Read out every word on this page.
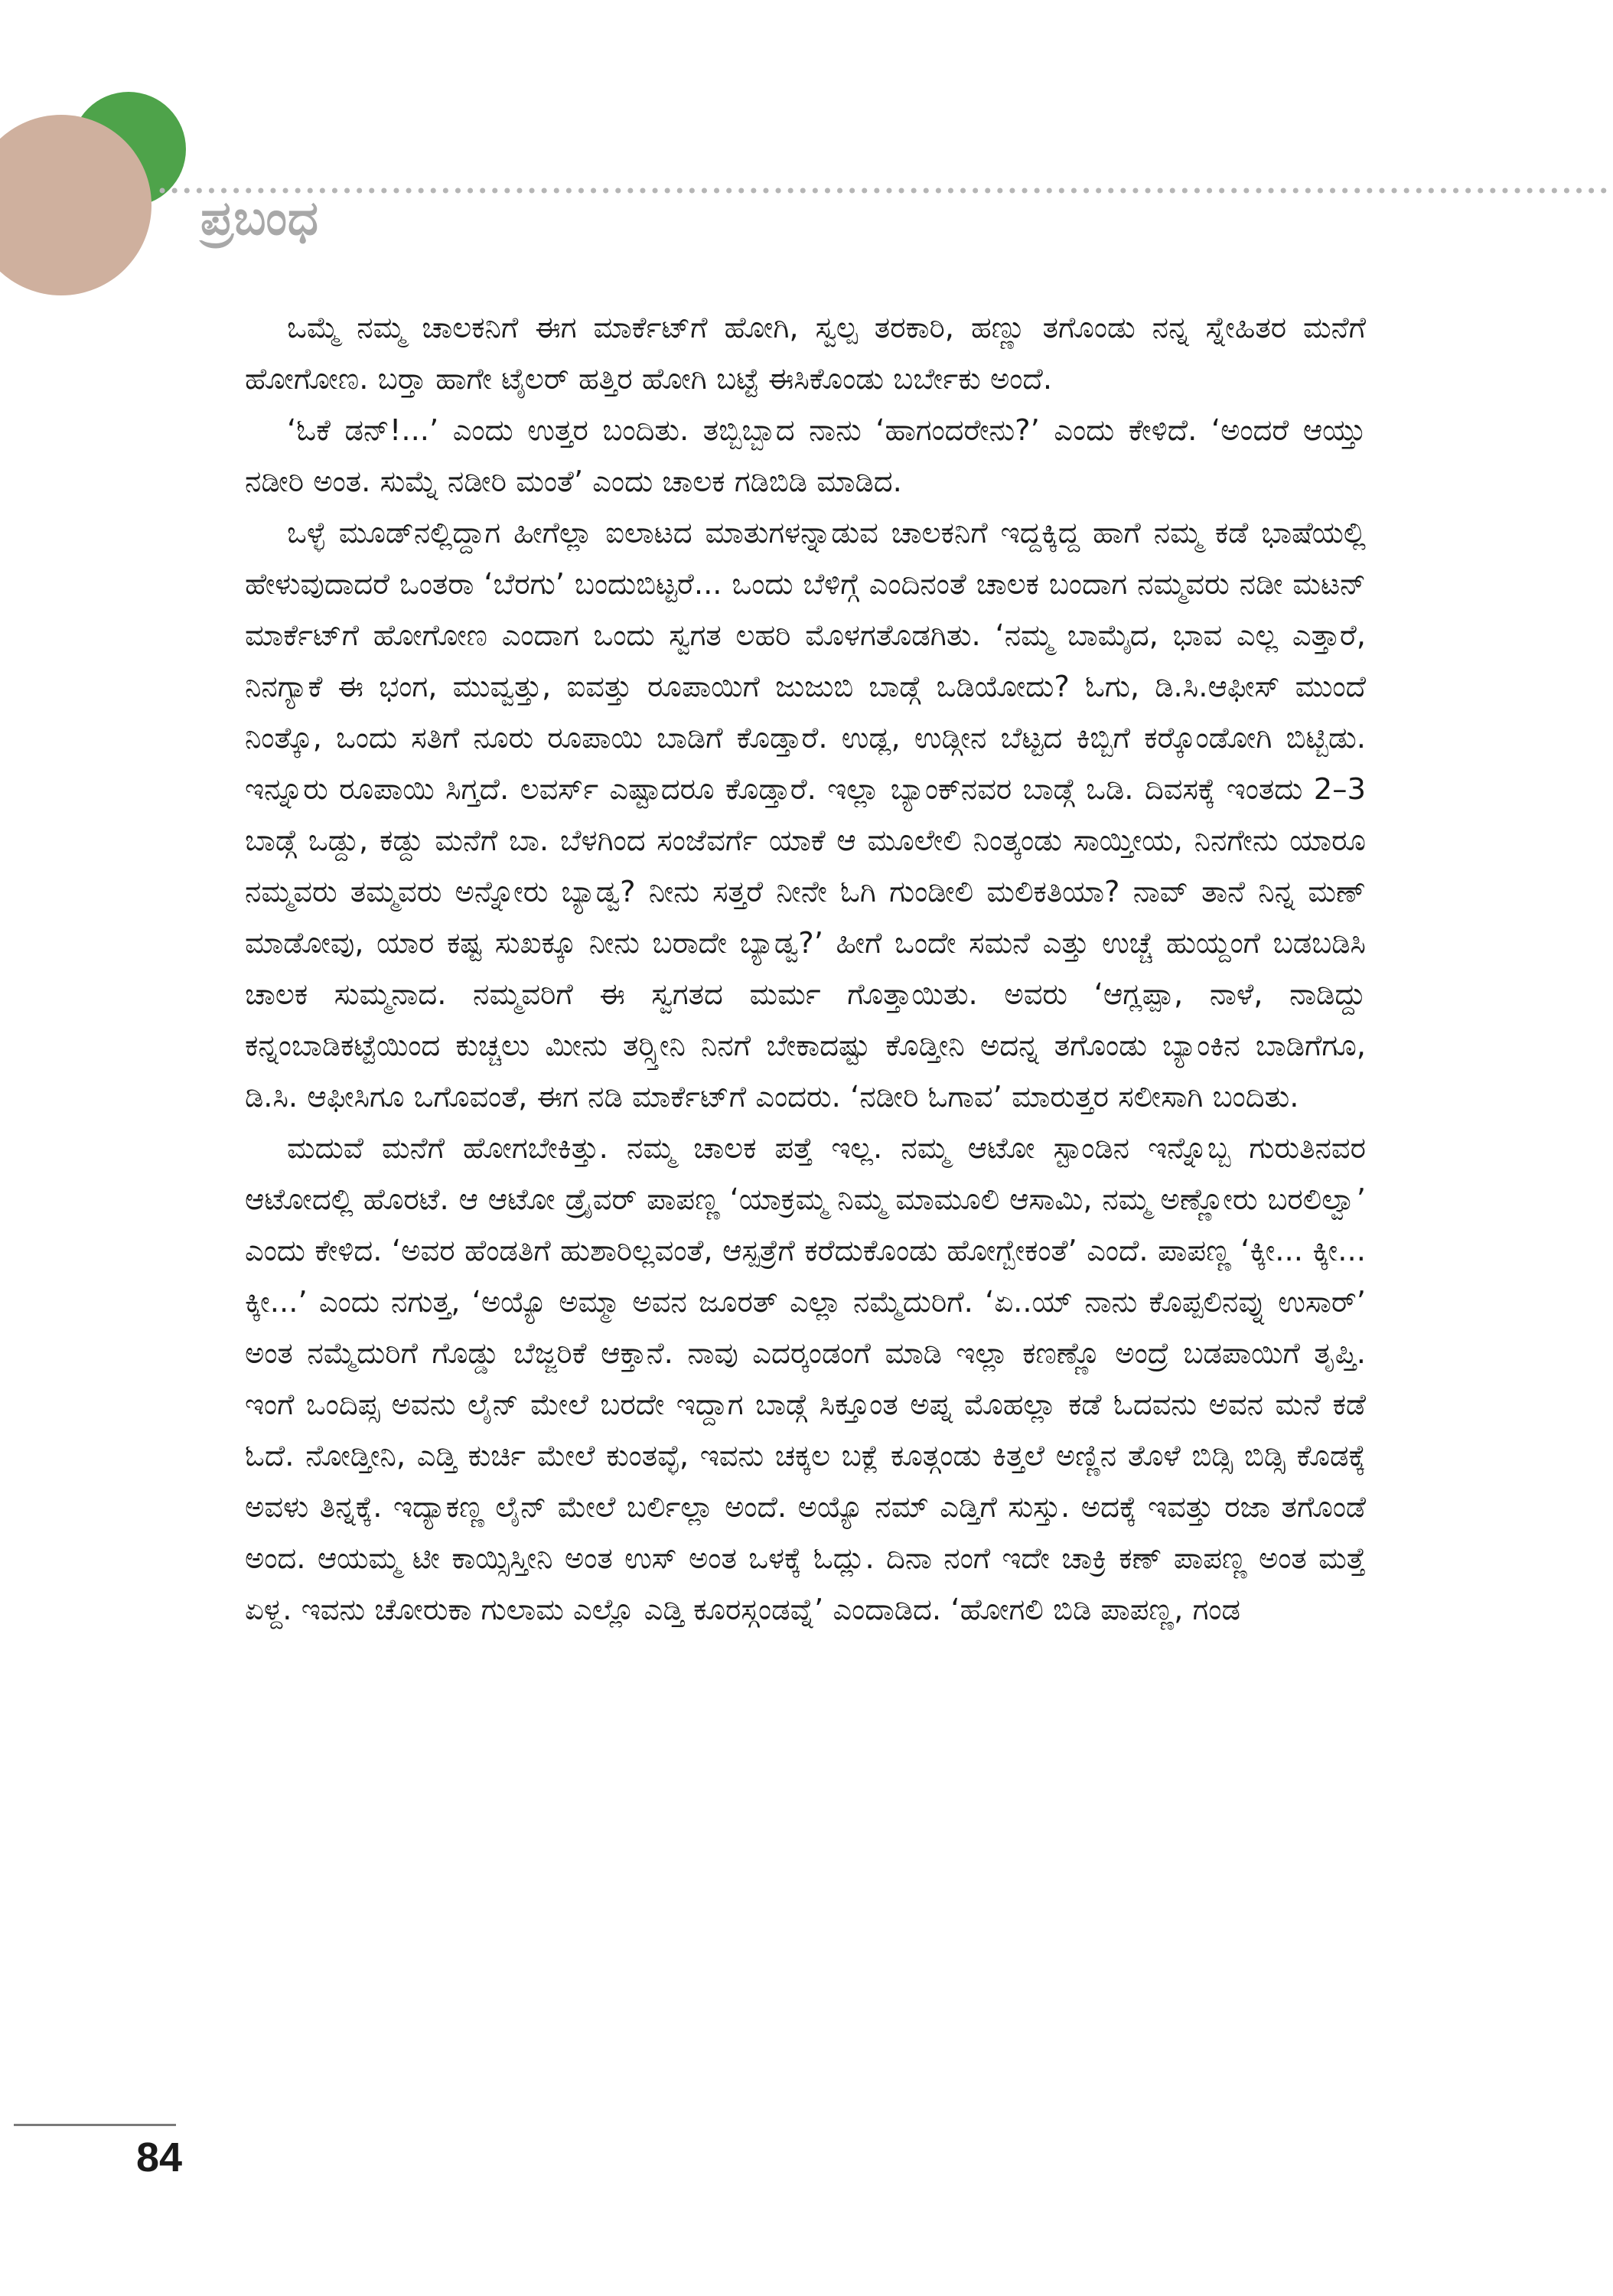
ಪ್ರಬಂಧ

ಒಮ್ಮೆ ನಮ್ಮ ಚಾಲಕನಿಗೆ ಈಗ ಮಾರ್ಕೆಟ್‌ಗೆ ಹೋಗಿ, ಸ್ವಲ್ಪ ತರಕಾರಿ, ಹಣ್ಣು ತಗೊಂಡು ನನ್ನ ಸ್ನೇಹಿತರ ಮನೆಗೆ ಹೋಗೋಣ. ಬರ್‍ತಾ ಹಾಗೇ ಟೈಲರ್ ಹತ್ತಿರ ಹೋಗಿ ಬಟ್ಟೆ ಈಸಿಕೊಂಡು ಬರ್ಬೇಕು ಅಂದೆ.

‘ಓಕೆ ಡನ್!...’ ಎಂದು ಉತ್ತರ ಬಂದಿತು. ತಬ್ಬಿಬ್ಬಾದ ನಾನು ‘ಹಾಗಂದರೇನು?’ ಎಂದು ಕೇಳಿದೆ. ‘ಅಂದರೆ ಆಯ್ತು ನಡೀರಿ ಅಂತ. ಸುಮ್ನೆ ನಡೀರಿ ಮಂತೆ’ ಎಂದು ಚಾಲಕ ಗಡಿಬಿಡಿ ಮಾಡಿದ.

ಒಳ್ಳೆ ಮೂಡ್‌ನಲ್ಲಿದ್ದಾಗ ಹೀಗೆಲ್ಲಾ ಐಲಾಟದ ಮಾತುಗಳನ್ನಾಡುವ ಚಾಲಕನಿಗೆ ಇದ್ದಕ್ಕಿದ್ದ ಹಾಗೆ ನಮ್ಮ ಕಡೆ ಭಾಷೆಯಲ್ಲಿ ಹೇಳುವುದಾದರೆ ಒಂತರಾ ‘ಬೆರಗು’ ಬಂದುಬಿಟ್ಟರೆ... ಒಂದು ಬೆಳಿಗ್ಗೆ ಎಂದಿನಂತೆ ಚಾಲಕ ಬಂದಾಗ ನಮ್ಮವರು ನಡೀ ಮಟನ್ ಮಾರ್ಕೆಟ್‌ಗೆ ಹೋಗೋಣ ಎಂದಾಗ ಒಂದು ಸ್ವಗತ ಲಹರಿ ಮೊಳಗತೊಡಗಿತು. ‘ನಮ್ಮ ಬಾಮೈದ, ಭಾವ ಎಲ್ಲ ಎತ್ತಾರೆ, ನಿನಗ್ಯಾಕೆ ಈ ಭಂಗ, ಮುವ್ವತ್ತು, ಐವತ್ತು ರೂಪಾಯಿಗೆ ಜುಜುಬಿ ಬಾಡ್ಗೆ ಒಡಿಯೋದು? ಓಗು, ಡಿ.ಸಿ.ಆಫೀಸ್ ಮುಂದೆ ನಿಂತ್ಕೊ, ಒಂದು ಸತಿಗೆ ನೂರು ರೂಪಾಯಿ ಬಾಡಿಗೆ ಕೊಡ್ತಾರೆ. ಉಡ್ಲ, ಉಡ್ಗೀನ ಬೆಟ್ಟದ ಕಿಬ್ಬಿಗೆ ಕರ್‍ಕೊಂಡೋಗಿ ಬಿಟ್ಬಿಡು. ಇನ್ನೂರು ರೂಪಾಯಿ ಸಿಗ್ತದೆ. ಲವರ್ಸ್ ಎಷ್ಟಾದರೂ ಕೊಡ್ತಾರೆ. ಇಲ್ಲಾ ಬ್ಯಾಂಕ್‌ನವರ ಬಾಡ್ಗೆ ಒಡಿ. ದಿವಸಕ್ಕೆ ಇಂತದು 2–3 ಬಾಡ್ಗೆ ಒಡ್ದು, ಕಡ್ದು ಮನೆಗೆ ಬಾ. ಬೆಳಗಿಂದ ಸಂಜೆವರ್ಗೆ ಯಾಕೆ ಆ ಮೂಲೇಲಿ ನಿಂತ್ಕಂಡು ಸಾಯ್ತೀಯ, ನಿನಗೇನು ಯಾರೂ ನಮ್ಮವರು ತಮ್ಮವರು ಅನ್ನೋರು ಬ್ಯಾಡ್ವ? ನೀನು ಸತ್ತರೆ ನೀನೇ ಓಗಿ ಗುಂಡೀಲಿ ಮಲಿಕತಿಯಾ? ನಾವ್ ತಾನೆ ನಿನ್ನ ಮಣ್ ಮಾಡೋವು, ಯಾರ ಕಷ್ಟ ಸುಖಕ್ಕೂ ನೀನು ಬರಾದೇ ಬ್ಯಾಡ್ವ?’ ಹೀಗೆ ಒಂದೇ ಸಮನೆ ಎತ್ತು ಉಚ್ಚೆ ಹುಯ್ದಂಗೆ ಬಡಬಡಿಸಿ ಚಾಲಕ ಸುಮ್ಮನಾದ. ನಮ್ಮವರಿಗೆ ಈ ಸ್ವಗತದ ಮರ್ಮ ಗೊತ್ತಾಯಿತು. ಅವರು ‘ಆಗ್ಲಪ್ಪಾ, ನಾಳೆ, ನಾಡಿದ್ದು ಕನ್ನಂಬಾಡಿಕಟ್ಟೆಯಿಂದ ಕುಚ್ಚಲು ಮೀನು ತರ್‍ಸ್ತೀನಿ ನಿನಗೆ ಬೇಕಾದಷ್ಟು ಕೊಡ್ತೀನಿ ಅದನ್ನ ತಗೊಂಡು ಬ್ಯಾಂಕಿನ ಬಾಡಿಗೆಗೂ, ಡಿ.ಸಿ. ಆಫೀಸಿಗೂ ಒಗೊವಂತೆ, ಈಗ ನಡಿ ಮಾರ್ಕೆಟ್‌ಗೆ ಎಂದರು. ‘ನಡೀರಿ ಓಗಾವ’ ಮಾರುತ್ತರ ಸಲೀಸಾಗಿ ಬಂದಿತು.

ಮದುವೆ ಮನೆಗೆ ಹೋಗಬೇಕಿತ್ತು. ನಮ್ಮ ಚಾಲಕ ಪತ್ತೆ ಇಲ್ಲ. ನಮ್ಮ ಆಟೋ ಸ್ಟಾಂಡಿನ ಇನ್ನೊಬ್ಬ ಗುರುತಿನವರ ಆಟೋದಲ್ಲಿ ಹೊರಟೆ. ಆ ಆಟೋ ಡ್ರೈವರ್ ಪಾಪಣ್ಣ ‘ಯಾಕ್ರಮ್ಮ ನಿಮ್ಮ ಮಾಮೂಲಿ ಆಸಾಮಿ, ನಮ್ಮ ಅಣ್ಣೋರು ಬರಲಿಲ್ವಾ’ ಎಂದು ಕೇಳಿದ. ‘ಅವರ ಹೆಂಡತಿಗೆ ಹುಶಾರಿಲ್ಲವಂತೆ, ಆಸ್ಪತ್ರೆಗೆ ಕರೆದುಕೊಂಡು ಹೋಗ್ಬೇಕಂತೆ’ ಎಂದೆ. ಪಾಪಣ್ಣ ‘ಕ್ಕೀ... ಕ್ಕೀ... ಕ್ಕೀ...’ ಎಂದು ನಗುತ್ತ, ‘ಅಯ್ಯೊ ಅಮ್ಮಾ ಅವನ ಜೂರತ್ ಎಲ್ಲಾ ನಮ್ಮೆದುರಿಗೆ. ‘ಏ..ಯ್ ನಾನು ಕೊಪ್ಪಲಿನವ್ನು ಉಸಾರ್’ ಅಂತ ನಮ್ಮೆದುರಿಗೆ ಗೊಡ್ಡು ಬೆಜ್ಜರಿಕೆ ಆಕ್ತಾನೆ. ನಾವು ಎದರ್‍ಕಂಡಂಗೆ ಮಾಡಿ ಇಲ್ಲಾ ಕಣಣ್ಣೊ ಅಂದ್ರೆ ಬಡಪಾಯಿಗೆ ತೃಪ್ತಿ. ಇಂಗೆ ಒಂದಿಪ್ಸ ಅವನು ಲೈನ್ ಮೇಲೆ ಬರದೇ ಇದ್ದಾಗ ಬಾಡ್ಗೆ ಸಿಕ್ತೂಂತ ಅಪ್ನ ಮೊಹಲ್ಲಾ ಕಡೆ ಓದವನು ಅವನ ಮನೆ ಕಡೆ ಓದೆ. ನೋಡ್ತೀನಿ, ಎಡ್ತಿ ಕುರ್ಚಿ ಮೇಲೆ ಕುಂತವ್ಳೆ, ಇವನು ಚಕ್ಕಲ ಬಕ್ಲೆ ಕೂತ್ಗಂಡು ಕಿತ್ತಲೆ ಅಣ್ಣಿನ ತೊಳೆ ಬಿಡ್ಸಿ ಬಿಡ್ಸಿ ಕೊಡಕ್ಕೆ ಅವಳು ತಿನ್ನಕ್ಕೆ. ಇದ್ಯಾಕಣ್ಣ ಲೈನ್ ಮೇಲೆ ಬರ್ಲಿಲ್ಲಾ ಅಂದೆ. ಅಯ್ಯೊ ನಮ್ ಎಡ್ತಿಗೆ ಸುಸ್ತು. ಅದಕ್ಕೆ ಇವತ್ತು ರಜಾ ತಗೊಂಡೆ ಅಂದ. ಆಯಮ್ಮ ಟೀ ಕಾಯ್ಸಿಸ್ತೀನಿ ಅಂತ ಉಸ್ ಅಂತ ಒಳಕ್ಕೆ ಓದ್ಲು. ದಿನಾ ನಂಗೆ ಇದೇ ಚಾಕ್ರಿ ಕಣ್ ಪಾಪಣ್ಣ ಅಂತ ಮತ್ತೆ ಏಳ್ದ. ಇವನು ಚೋರುಕಾ ಗುಲಾಮ ಎಲ್ಲೊ ಎಡ್ತಿ ಕೂರಸ್ಗಂಡವ್ನೆ’ ಎಂದಾಡಿದ. ‘ಹೋಗಲಿ ಬಿಡಿ ಪಾಪಣ್ಣ, ಗಂಡ

84
